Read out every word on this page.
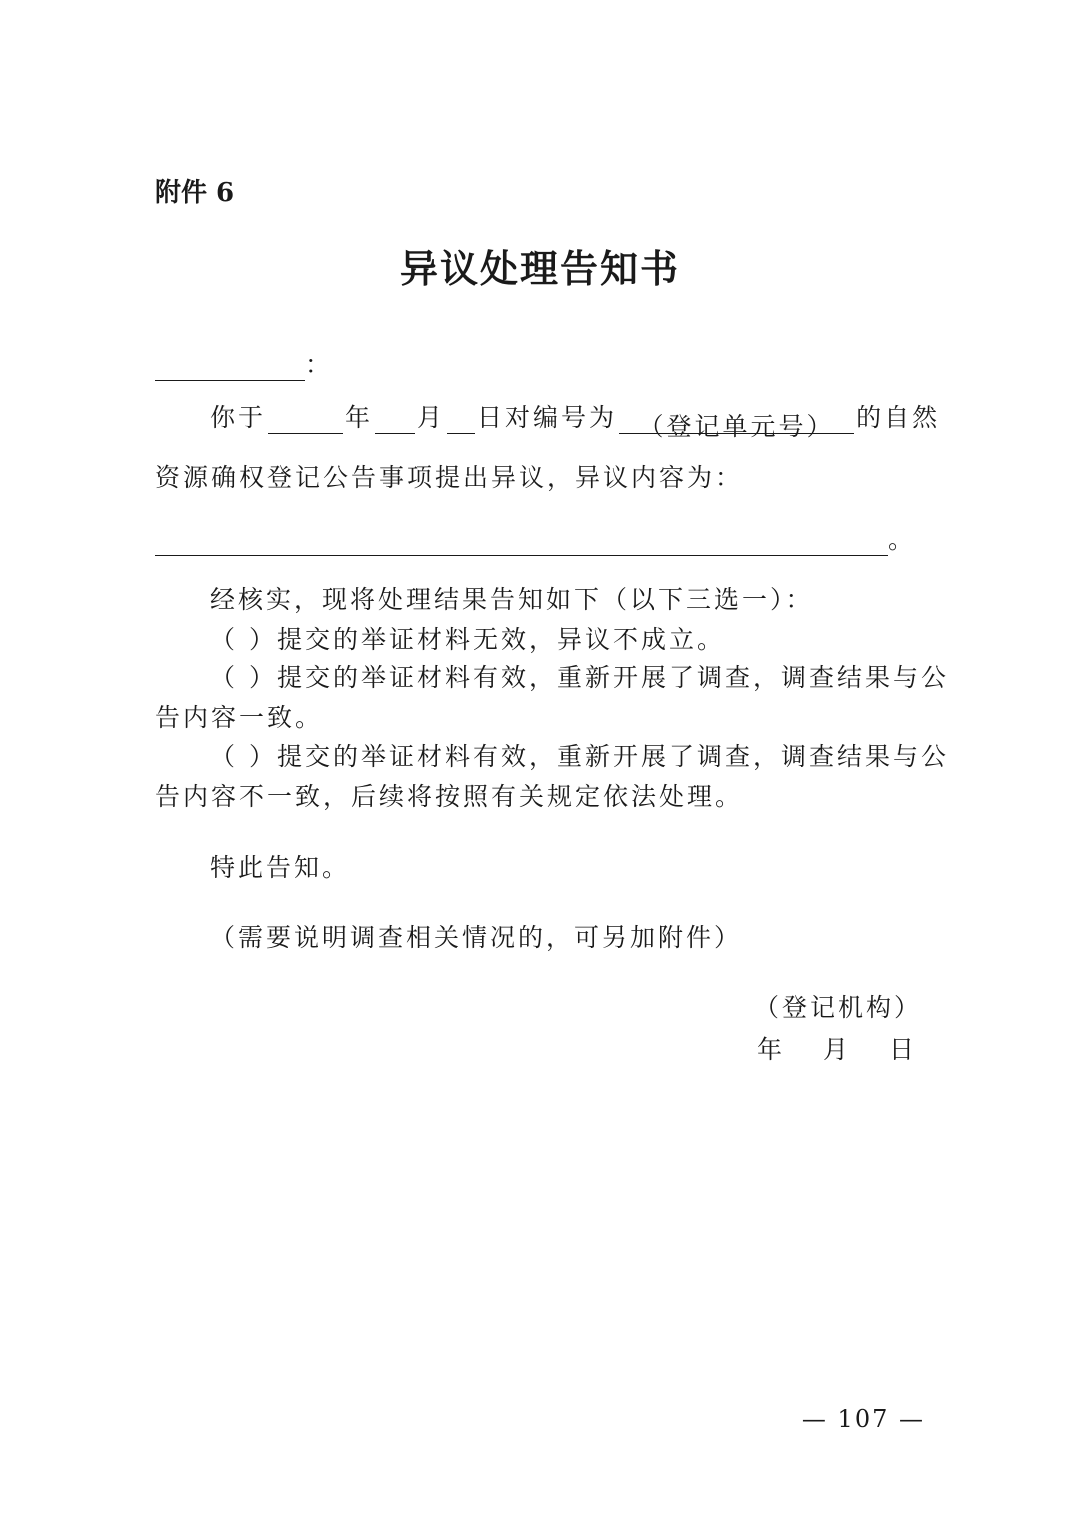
附件 6
异议处理告知书
：
你于	年 月 日对编号为 （登记单元号） 的自然
资源确权登记公告事项提出异议，异议内容为：
。
经核实，现将处理结果告知如下（以下三选一）：
（ ）提交的举证材料无效，异议不成立。
（ ）提交的举证材料有效，重新开展了调查，调查结果与公
告内容一致。
（ ）提交的举证材料有效，重新开展了调查，调查结果与公
告内容不一致，后续将按照有关规定依法处理。
特此告知。
（需要说明调查相关情况的，可另加附件）
（登记机构）
年　月　日
— 107 —
